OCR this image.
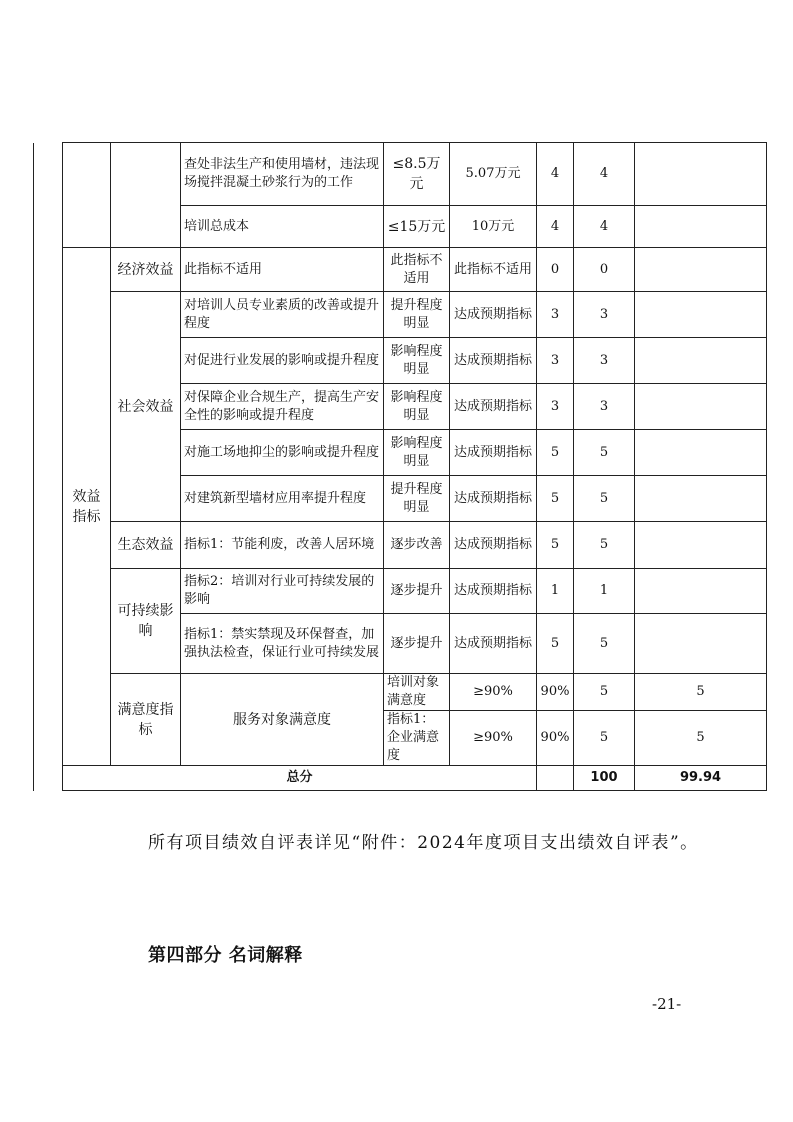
			查处非法生产和使用墙材，违法现场搅拌混凝土砂浆行为的工作	≤8.5万元	5.07万元	4	4		
			培训总成本	≤15万元	10万元	4	4		
	效益指标	经济效益	此指标不适用	此指标不适用	此指标不适用	0	0		
		社会效益	对培训人员专业素质的改善或提升程度	提升程度明显	达成预期指标	3	3		
			对促进行业发展的影响或提升程度	影响程度明显	达成预期指标	3	3		
			对保障企业合规生产，提高生产安全性的影响或提升程度	影响程度明显	达成预期指标	3	3		
			对施工场地抑尘的影响或提升程度	影响程度明显	达成预期指标	5	5		
			对建筑新型墙材应用率提升程度	提升程度明显	达成预期指标	5	5		
		生态效益	指标1：节能利废，改善人居环境	逐步改善	达成预期指标	5	5		
		可持续影响	指标2：培训对行业可持续发展的影响	逐步提升	达成预期指标	1	1		
			指标1：禁实禁现及环保督查，加强执法检查，保证行业可持续发展	逐步提升	达成预期指标	5	5		
		满意度指标	服务对象满意度	培训对象满意度	≥90%	90%	5	5	
				指标1：企业满意度	≥90%	90%	5	5	
	总分						100	99.94	

所有项目绩效自评表详见“附件：2024年度项目支出绩效自评表”。

第四部分 名词解释

-21-
